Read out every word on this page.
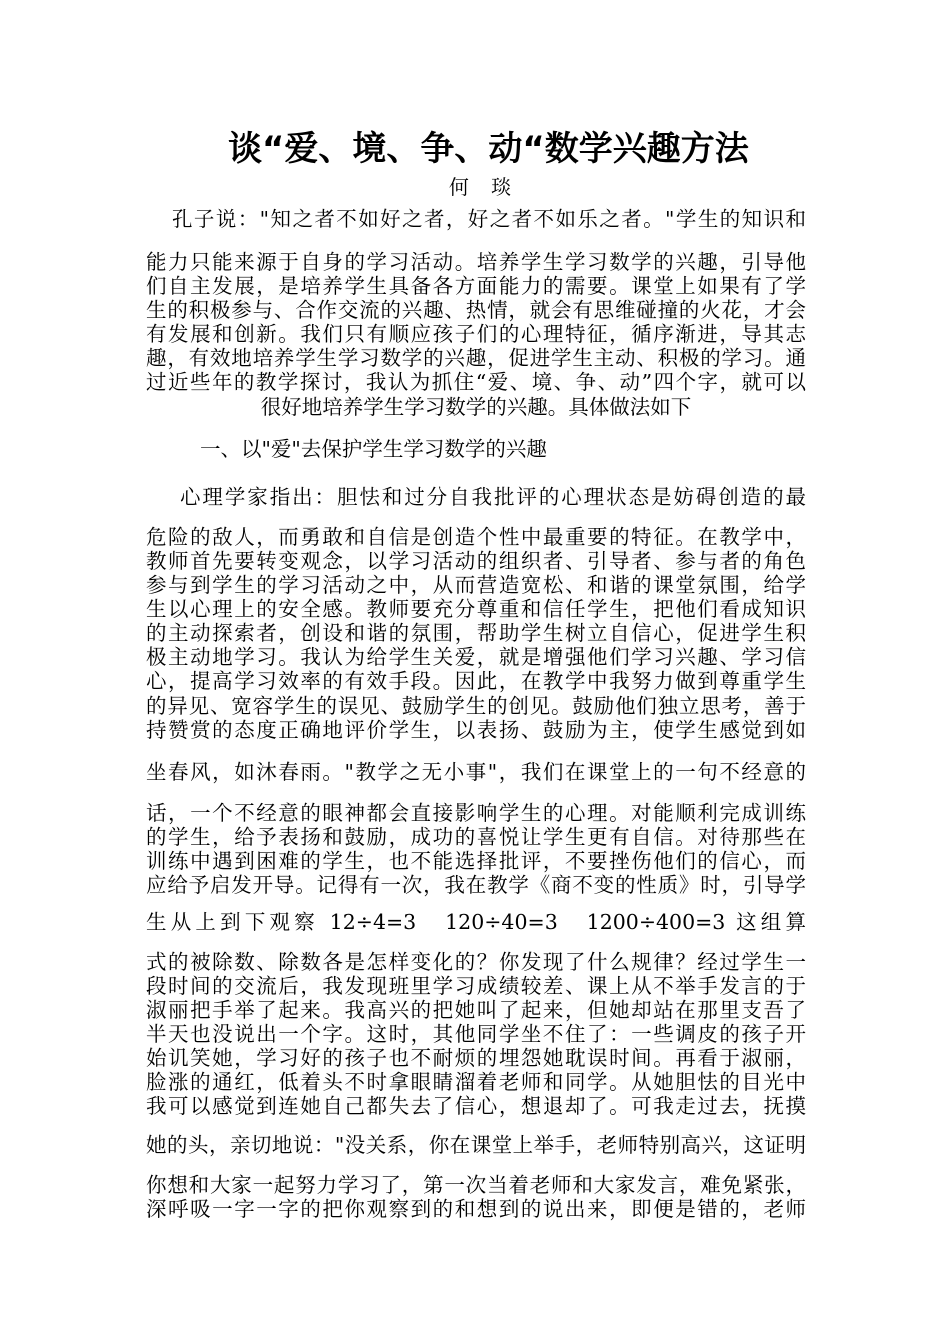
谈“爱、境、争、动“数学兴趣方法
何 琰
孔子说："知之者不如好之者，好之者不如乐之者。"学生的知识和
能力只能来源于自身的学习活动。培养学生学习数学的兴趣，引导他
们自主发展，是培养学生具备各方面能力的需要。课堂上如果有了学
生的积极参与、合作交流的兴趣、热情，就会有思维碰撞的火花，才会
有发展和创新。我们只有顺应孩子们的心理特征，循序渐进，导其志
趣，有效地培养学生学习数学的兴趣，促进学生主动、积极的学习。通
过近些年的教学探讨，我认为抓住“爱、境、争、动”四个字，就可以
很好地培养学生学习数学的兴趣。具体做法如下
一、以"爱"去保护学生学习数学的兴趣
心理学家指出：胆怯和过分自我批评的心理状态是妨碍创造的最
危险的敌人，而勇敢和自信是创造个性中最重要的特征。在教学中，
教师首先要转变观念，以学习活动的组织者、引导者、参与者的角色
参与到学生的学习活动之中，从而营造宽松、和谐的课堂氛围，给学
生以心理上的安全感。教师要充分尊重和信任学生，把他们看成知识
的主动探索者，创设和谐的氛围，帮助学生树立自信心，促进学生积
极主动地学习。我认为给学生关爱，就是增强他们学习兴趣、学习信
心，提高学习效率的有效手段。因此，在教学中我努力做到尊重学生
的异见、宽容学生的误见、鼓励学生的创见。鼓励他们独立思考，善于
持赞赏的态度正确地评价学生，以表扬、鼓励为主，使学生感觉到如
坐春风，如沐春雨。"教学之无小事"，我们在课堂上的一句不经意的
话，一个不经意的眼神都会直接影响学生的心理。对能顺利完成训练
的学生，给予表扬和鼓励，成功的喜悦让学生更有自信。对待那些在
训练中遇到困难的学生，也不能选择批评，不要挫伤他们的信心，而
应给予启发开导。记得有一次，我在教学《商不变的性质》时，引导学
生从上到下观察 12÷4=3　120÷40=3　1200÷400=3 这组算
式的被除数、除数各是怎样变化的？你发现了什么规律？经过学生一
段时间的交流后，我发现班里学习成绩较差、课上从不举手发言的于
淑丽把手举了起来。我高兴的把她叫了起来，但她却站在那里支吾了
半天也没说出一个字。这时，其他同学坐不住了：一些调皮的孩子开
始讥笑她，学习好的孩子也不耐烦的埋怨她耽误时间。再看于淑丽，
脸涨的通红，低着头不时拿眼睛溜着老师和同学。从她胆怯的目光中
我可以感觉到连她自己都失去了信心，想退却了。可我走过去，抚摸
她的头，亲切地说："没关系，你在课堂上举手，老师特别高兴，这证明
你想和大家一起努力学习了，第一次当着老师和大家发言，难免紧张，
深呼吸一字一字的把你观察到的和想到的说出来，即便是错的，老师
